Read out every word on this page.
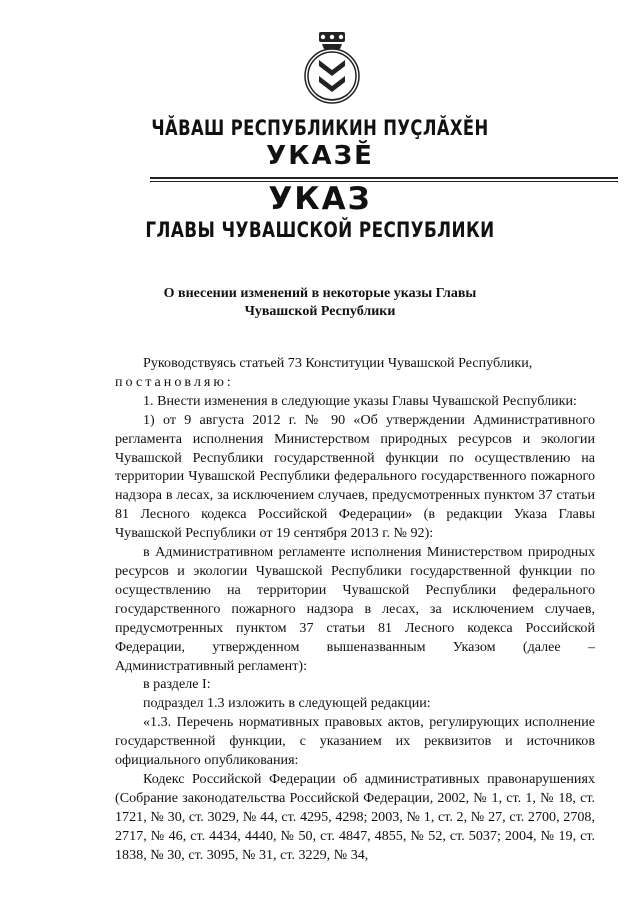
ЧĂВАШ РЕСПУБЛИКИН ПУÇЛĂХĔН
УКАЗĔ
УКАЗ
ГЛАВЫ ЧУВАШСКОЙ РЕСПУБЛИКИ
О внесении изменений в некоторые указы Главы
Чувашской Республики

Руководствуясь статьей 73 Конституции Чувашской Республики,

постановляю:

1. Внести изменения в следующие указы Главы Чувашской Республики:

1) от 9 августа 2012 г. № 90 «Об утверждении Административного регламента исполнения Министерством природных ресурсов и экологии Чувашской Республики государственной функции по осуществлению на территории Чувашской Республики федерального государственного пожарного надзора в лесах, за исключением случаев, предусмотренных пунктом 37 статьи 81 Лесного кодекса Российской Федерации» (в редакции Указа Главы Чувашской Республики от 19 сентября 2013 г. № 92):

в Административном регламенте исполнения Министерством природных ресурсов и экологии Чувашской Республики государственной функции по осуществлению на территории Чувашской Республики федерального государственного пожарного надзора в лесах, за исключением случаев, предусмотренных пунктом 37 статьи 81 Лесного кодекса Российской Федерации, утвержденном вышеназванным Указом (далее – Административный регламент):

в разделе I:

подраздел 1.3 изложить в следующей редакции:

«1.3. Перечень нормативных правовых актов, регулирующих исполнение государственной функции, с указанием их реквизитов и источников официального опубликования:

Кодекс Российской Федерации об административных правонарушениях (Собрание законодательства Российской Федерации, 2002, № 1, ст. 1, № 18, ст. 1721, № 30, ст. 3029, № 44, ст. 4295, 4298; 2003, № 1, ст. 2, № 27, ст. 2700, 2708, 2717, № 46, ст. 4434, 4440, № 50, ст. 4847, 4855, № 52, ст. 5037; 2004, № 19, ст. 1838, № 30, ст. 3095, № 31, ст. 3229, № 34,
